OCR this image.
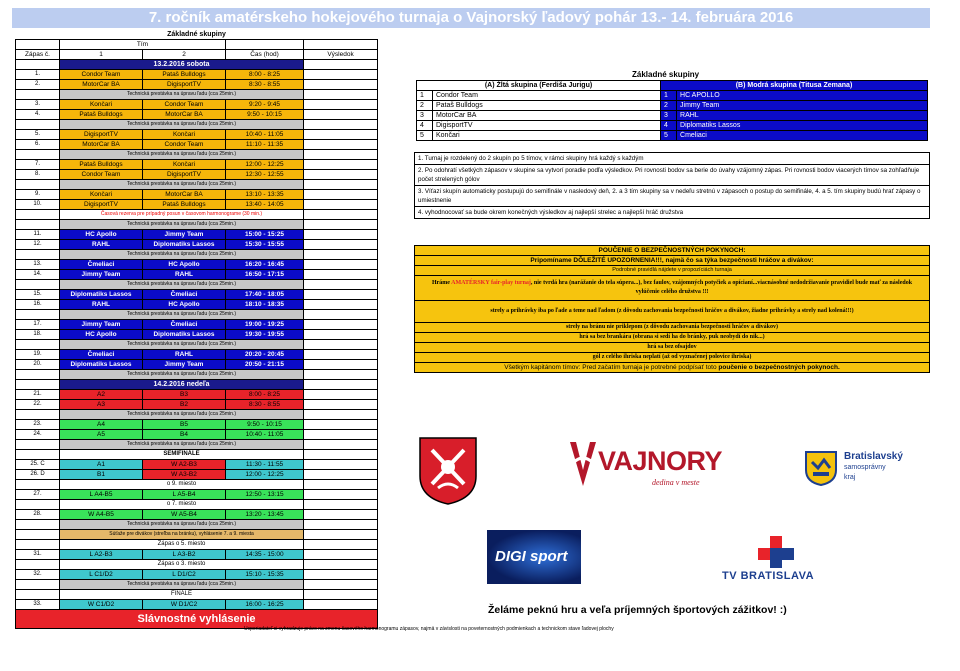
7. ročník amatérskeho hokejového turnaja o Vajnorský ľadový pohár 13.- 14. februára 2016
Základné skupiny				
	Tím			
Zápas č.	1	2	Čas (hod)	Výsledok
	13.2.2016 sobota			
1.	Condor Team	Pataš Bulldogs	8:00 - 8:25	
2.	MotorCar BA	DigisportTV	8:30 - 8:55	
	Technická prestávka na úpravu ľadu (cca 25min.)			
3.	Končari	Condor Team	9:20 - 9:45	
4.	Pataš Bulldogs	MotorCar BA	9:50 - 10:15	
	Technická prestávka na úpravu ľadu (cca 25min.)			
5.	DigisportTV	Končari	10:40 - 11:05	
6.	MotorCar BA	Condor Team	11:10 - 11:35	
	Technická prestávka na úpravu ľadu (cca 25min.)			
7.	Pataš Bulldogs	Končari	12:00 - 12:25	
8.	Condor Team	DigisportTV	12:30 - 12:55	
	Technická prestávka na úpravu ľadu (cca 25min.)			
9.	Končari	MotorCar BA	13:10 - 13:35	
10.	DigisportTV	Pataš Bulldogs	13:40 - 14:05	
	Časová rezerva pre prípadný posun v časovom harmonograme (30 min.)			
	Technická prestávka na úpravu ľadu (cca 25min.)			
11.	HC Apollo	Jimmy Team	15:00 - 15:25	
12.	RAHL	Diplomatiks Lassos	15:30 - 15:55	
	Technická prestávka na úpravu ľadu (cca 25min.)			
13.	Čmeliaci	HC Apollo	16:20 - 16:45	
14.	Jimmy Team	RAHL	16:50 - 17:15	
	Technická prestávka na úpravu ľadu (cca 25min.)			
15.	Diplomatiks Lassos	Čmeliaci	17:40 - 18:05	
16.	RAHL	HC Apollo	18:10 - 18:35	
	Technická prestávka na úpravu ľadu (cca 25min.)			
17.	Jimmy Team	Čmeliaci	19:00 - 19:25	
18.	HC Apollo	Diplomatiks Lassos	19:30 - 19:55	
	Technická prestávka na úpravu ľadu (cca 25min.)			
19.	Čmeliaci	RAHL	20:20 - 20:45	
20.	Diplomatiks Lassos	Jimmy Team	20:50 - 21:15	
	Technická prestávka na úpravu ľadu (cca 25min.)			
	14.2.2016 nedeľa			
21.	A2	B3	8:00 - 8:25	
22.	A3	B2	8:30 - 8:55	
	Technická prestávka na úpravu ľadu (cca 25min.)			
23.	A4	B5	9:50 - 10:15	
24.	A5	B4	10:40 - 11:05	
	Technická prestávka na úpravu ľadu (cca 25min.)			
	SEMIFINÁLE			
25. C	A1	W A2-B3	11:30 - 11:55	
26. D	B1	W A3-B2	12:00 - 12:25	
	o 9. miesto			
27.	L A4-B5	L A5-B4	12:50 - 13:15	
	o 7. miesto			
28.	W A4-B5	W A5-B4	13:20 - 13:45	
	Technická prestávka na úpravu ľadu (cca 25min.)			
	Súťaže pre divákov (streľba na bránku), vyhlásenie 7. a 9. miesta			
	Zápas o 5. miesto			
31.	L A2-B3	L A3-B2	14:35 - 15:00	
	Zápas o 3. miesto			
32.	L C1/D2	L D1/C2	15:10 - 15:35	
	Technická prestávka na úpravu ľadu (cca 25min.)			
	FINÁLE			
33.	W C1/D2	W D1/C2	16:00 - 16:25	
Slávnostné vyhlásenie				
Usporiadateľ si vyhradzuje právo na zmenu časového harmonogramu zápasov, najmä v závislosti na poveternostných podmienkach a technickom stave ľadovej plochy
Základné skupiny
(A) Žltá skupina (Ferdiša Jurigu)		(B) Modrá skupina (Titusa Zemana)	
1	Condor Team	1	HC APOLLO
2	Pataš Bulldogs	2	Jimmy Team
3	MotorCar BA	3	RAHL
4	DigisportTV	4	Diplomatiks Lassos
5	Končari	5	Čmeliaci
1. Turnaj je rozdelený do 2 skupín po 5 tímov, v rámci skupiny hrá každý s každým
2. Po odohratí všetkých zápasov v skupine sa vytvorí poradie podľa výsledkov. Pri rovnosti bodov sa berie do úvahy vzájomný zápas. Pri rovnosti bodov viacerých tímov sa zohľadňuje počet strelených gólov
3. Víťazi skupín automaticky postupujú do semifinále v nasledový deň, 2. a 3 tím skupiny sa v nedeľu stretnú v zápasoch o postup do semifinále, 4. a 5. tím skupiny budú hrať zápasy o umiestnenie
4. vyhodnocovať sa bude okrem konečných výsledkov aj najlepší strelec a najlepší hráč družstva
POUČENIE O BEZPEČNOSTNÝCH POKYNOCH:
Pripomíname DÔLEŽITÉ UPOZORNENIA!!!, najmä čo sa týka bezpečnosti hráčov a divákov:
Podrobné pravidlá nájdete v propozíciách turnaja
Hráme AMATÉRSKY fair-play turnaj, nie tvrdá hra (narážanie do tela súpera...), bez faulov, vzájomných potyčiek a opícianí...viacnásobné nedodržiavanie pravidiel bude mať za následok vylúčenie celého družstva !!!
strely a prihrávky iba po ľade a teme nad ľadom (z dôvodu zachovania bezpečnosti hráčov a divákov, žiadne prihrávky a strely nad kolená!!!)
strely na bránu nie priklepom (z dôvodu zachovania bezpečnosti hráčov a divákov)
hrá sa bez brankára (obrana si sedí ha do bránky, puk neobydí do nik...)
hrá sa bez ofsajdov
gól z celého ihriska neplatí (až od vyznačenej polovice ihriska)
Všetkým kapitánom tímov: Pred začatím turnaja je potrebné podpísať toto poučenie o bezpečnostných pokynoch.
VAJNORY
dedina v meste
Bratislavský
samosprávny
kraj
DIGI sport
TV BRATISLAVA
Želáme peknú hru a veľa príjemných športových zážitkov! :)
